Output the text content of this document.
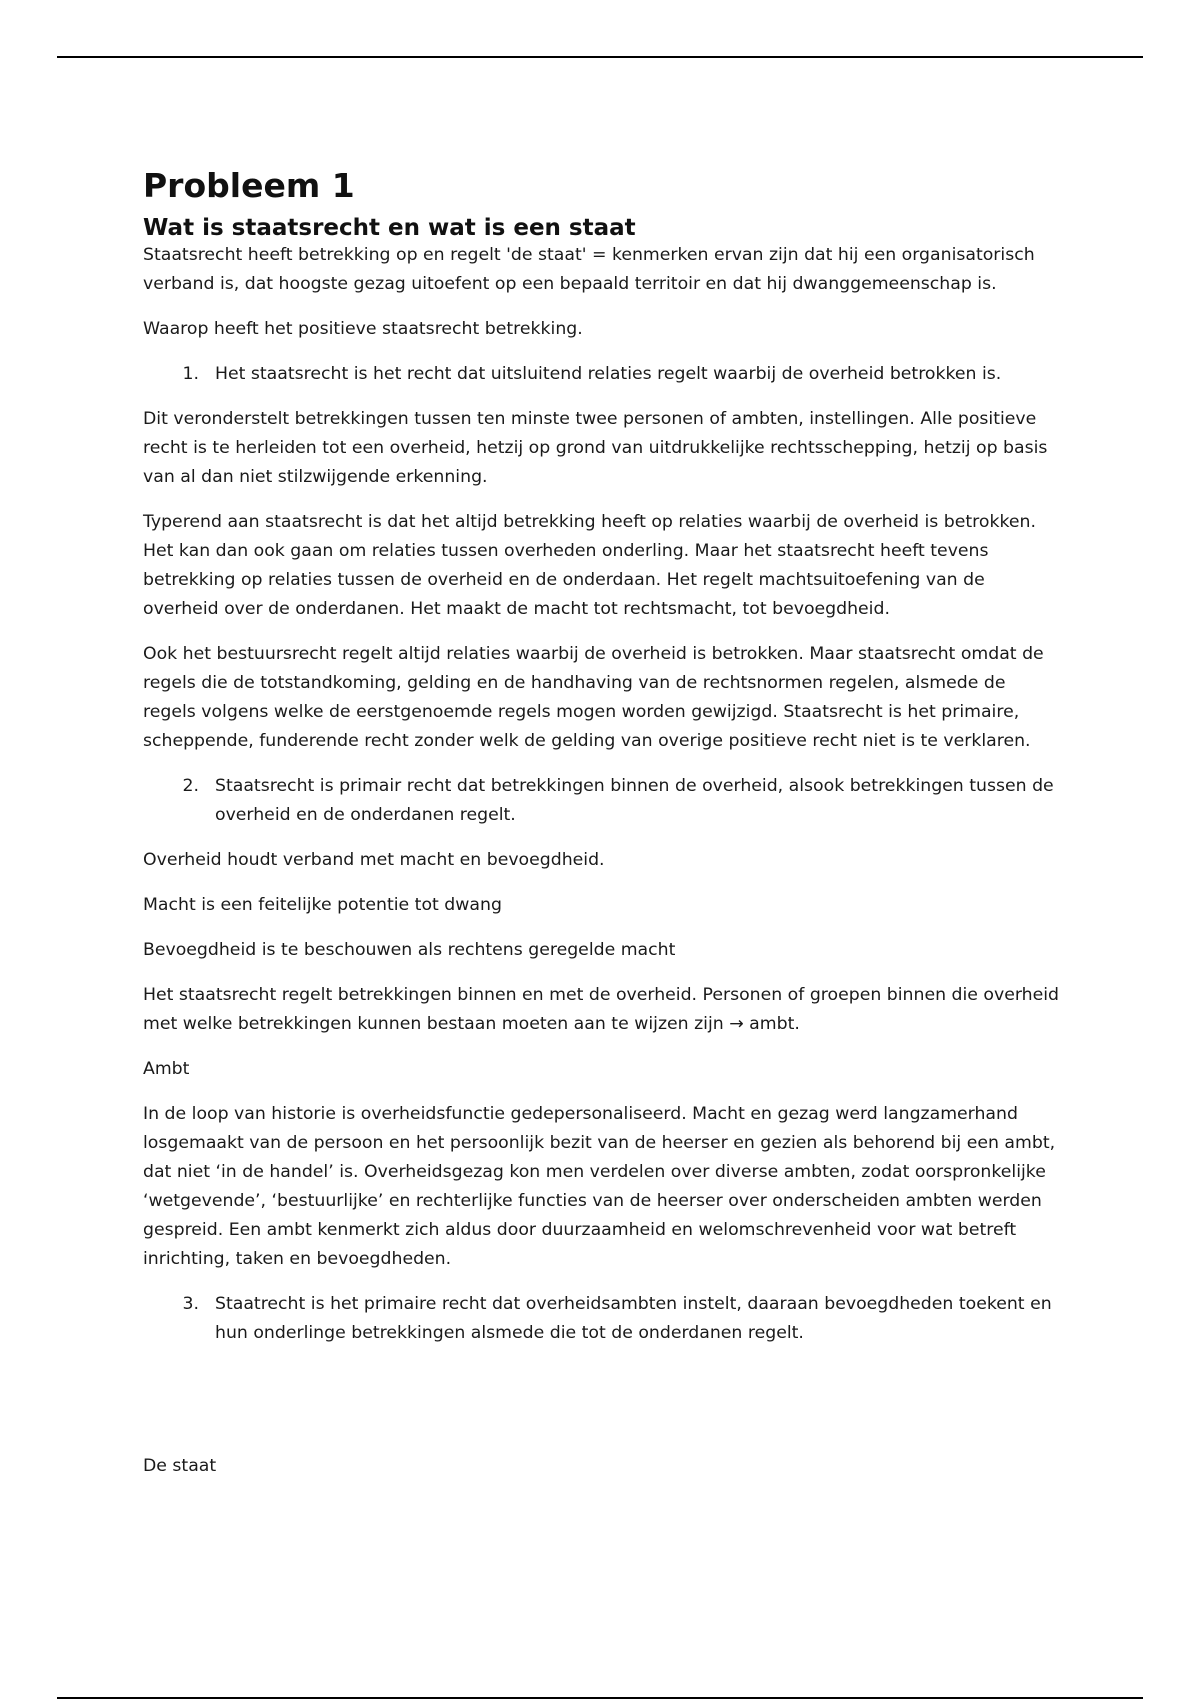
Probleem 1
Wat is staatsrecht en wat is een staat

Staatsrecht heeft betrekking op en regelt 'de staat' = kenmerken ervan zijn dat hij een organisatorisch verband is, dat hoogste gezag uitoefent op een bepaald territoir en dat hij dwanggemeenschap is.

Waarop heeft het positieve staatsrecht betrekking.

1. Het staatsrecht is het recht dat uitsluitend relaties regelt waarbij de overheid betrokken is.

Dit veronderstelt betrekkingen tussen ten minste twee personen of ambten, instellingen. Alle positieve recht is te herleiden tot een overheid, hetzij op grond van uitdrukkelijke rechtsschepping, hetzij op basis van al dan niet stilzwijgende erkenning.

Typerend aan staatsrecht is dat het altijd betrekking heeft op relaties waarbij de overheid is betrokken. Het kan dan ook gaan om relaties tussen overheden onderling. Maar het staatsrecht heeft tevens betrekking op relaties tussen de overheid en de onderdaan. Het regelt machtsuitoefening van de overheid over de onderdanen. Het maakt de macht tot rechtsmacht, tot bevoegdheid.

Ook het bestuursrecht regelt altijd relaties waarbij de overheid is betrokken. Maar staatsrecht omdat de regels die de totstandkoming, gelding en de handhaving van de rechtsnormen regelen, alsmede de regels volgens welke de eerstgenoemde regels mogen worden gewijzigd. Staatsrecht is het primaire, scheppende, funderende recht zonder welk de gelding van overige positieve recht niet is te verklaren.

2. Staatsrecht is primair recht dat betrekkingen binnen de overheid, alsook betrekkingen tussen de overheid en de onderdanen regelt.

Overheid houdt verband met macht en bevoegdheid.

Macht is een feitelijke potentie tot dwang

Bevoegdheid is te beschouwen als rechtens geregelde macht

Het staatsrecht regelt betrekkingen binnen en met de overheid. Personen of groepen binnen die overheid met welke betrekkingen kunnen bestaan moeten aan te wijzen zijn → ambt.

Ambt

In de loop van historie is overheidsfunctie gedepersonaliseerd. Macht en gezag werd langzamerhand losgemaakt van de persoon en het persoonlijk bezit van de heerser en gezien als behorend bij een ambt, dat niet ‘in de handel’ is. Overheidsgezag kon men verdelen over diverse ambten, zodat oorspronkelijke ‘wetgevende’, ‘bestuurlijke’ en rechterlijke functies van de heerser over onderscheiden ambten werden gespreid. Een ambt kenmerkt zich aldus door duurzaamheid en welomschrevenheid voor wat betreft inrichting, taken en bevoegdheden.

3. Staatrecht is het primaire recht dat overheidsambten instelt, daaraan bevoegdheden toekent en hun onderlinge betrekkingen alsmede die tot de onderdanen regelt.

De staat
